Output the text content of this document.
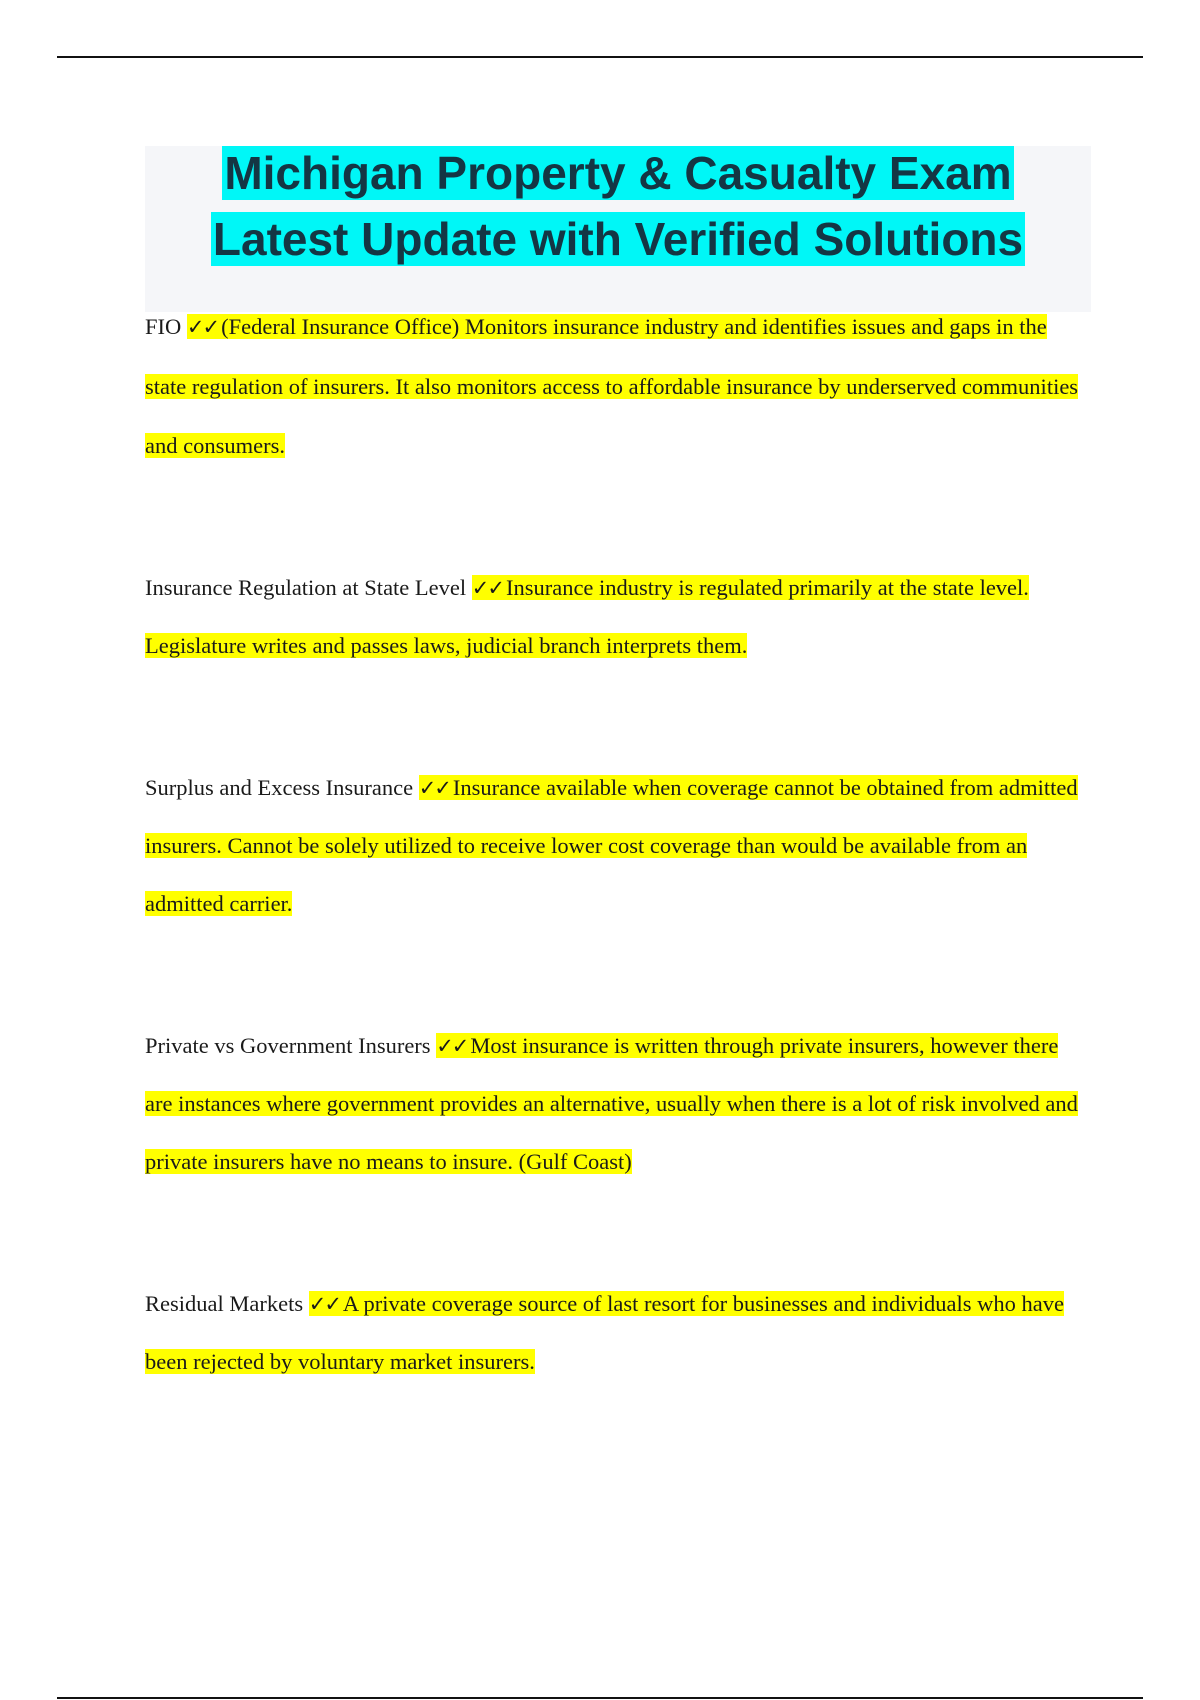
Michigan Property & Casualty Exam
Latest Update with Verified Solutions

FIO ✓✓ (Federal Insurance Office) Monitors insurance industry and identifies issues and gaps in the state regulation of insurers. It also monitors access to affordable insurance by underserved communities and consumers.

Insurance Regulation at State Level ✓✓ Insurance industry is regulated primarily at the state level. Legislature writes and passes laws, judicial branch interprets them.

Surplus and Excess Insurance ✓✓ Insurance available when coverage cannot be obtained from admitted insurers. Cannot be solely utilized to receive lower cost coverage than would be available from an admitted carrier.

Private vs Government Insurers ✓✓ Most insurance is written through private insurers, however there are instances where government provides an alternative, usually when there is a lot of risk involved and private insurers have no means to insure. (Gulf Coast)

Residual Markets ✓✓ A private coverage source of last resort for businesses and individuals who have been rejected by voluntary market insurers.
